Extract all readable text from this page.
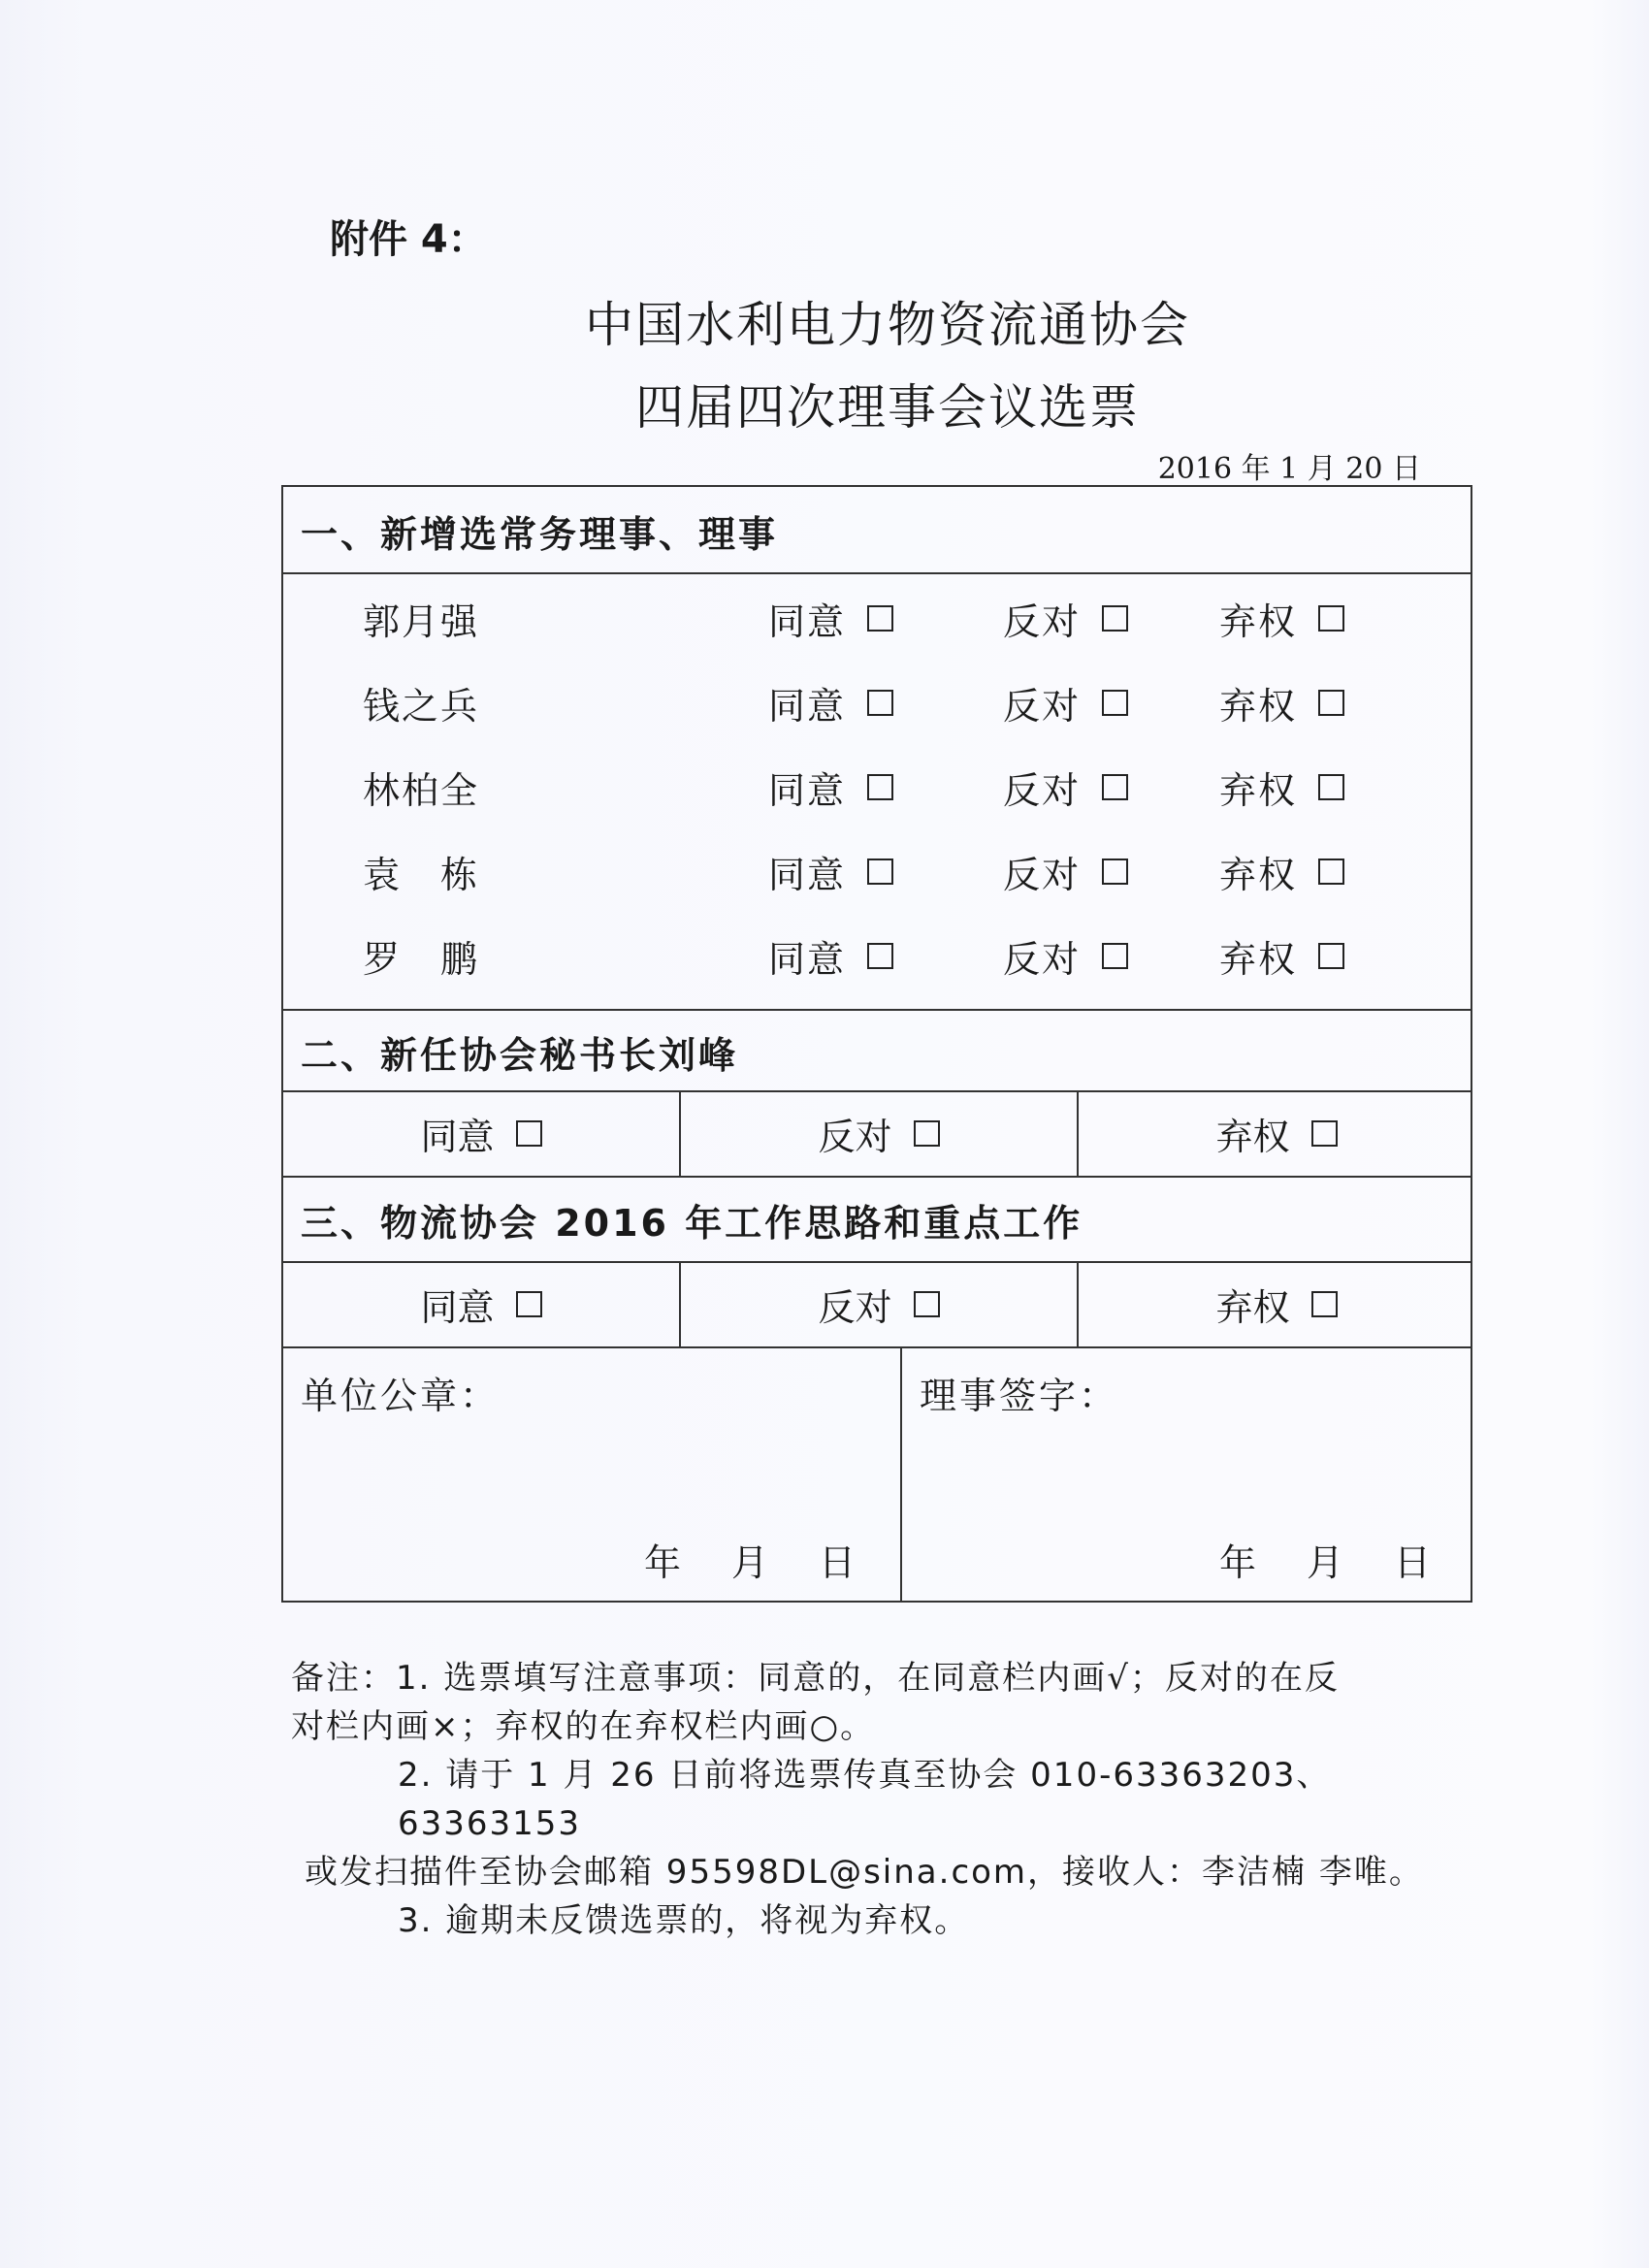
附件 4：
中国水利电力物资流通协会
四届四次理事会议选票
2016 年 1 月 20 日
一、新增选常务理事、理事
郭月强	同意	反对	弃权
钱之兵	同意	反对	弃权
林柏全	同意	反对	弃权
袁　栋	同意	反对	弃权
罗　鹏	同意	反对	弃权
二、新任协会秘书长刘峰
同意	反对	弃权
三、物流协会 2016 年工作思路和重点工作
同意	反对	弃权
单位公章：
年 月 日
理事签字：
年 月 日

备注：1. 选票填写注意事项：同意的，在同意栏内画√；反对的在反

对栏内画×；弃权的在弃权栏内画○。

2. 请于 1 月 26 日前将选票传真至协会 010-63363203、63363153

或发扫描件至协会邮箱 95598DL@sina.com，接收人：李洁楠 李唯。

3. 逾期未反馈选票的，将视为弃权。
